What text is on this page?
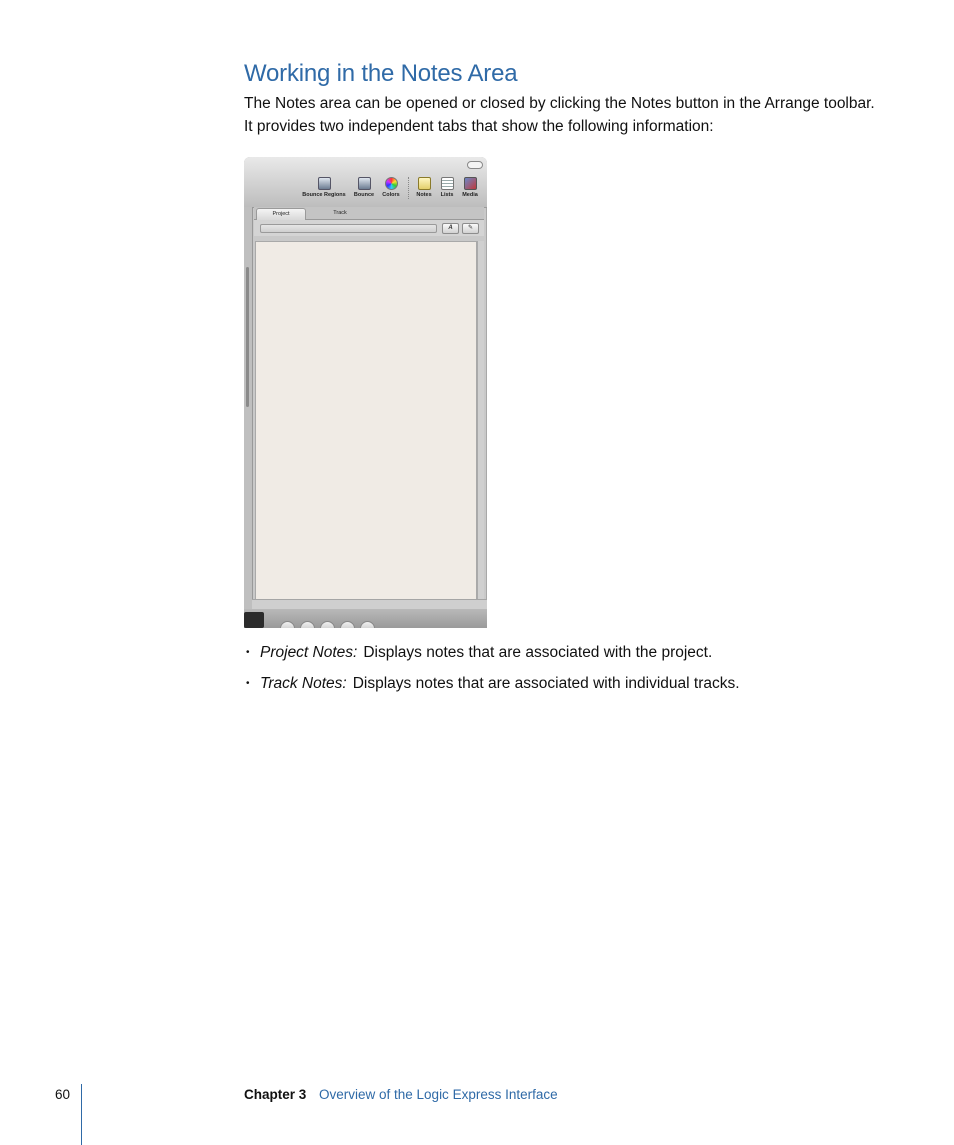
Working in the Notes Area

The Notes area can be opened or closed by clicking the Notes button in the Arrange toolbar. It provides two independent tabs that show the following information:

Bounce Regions	Bounce	Colors	Notes	Lists	Media
Project	Track
A	✎
• Project Notes: Displays notes that are associated with the project.
• Track Notes: Displays notes that are associated with individual tracks.
60	Chapter 3 Overview of the Logic Express Interface
